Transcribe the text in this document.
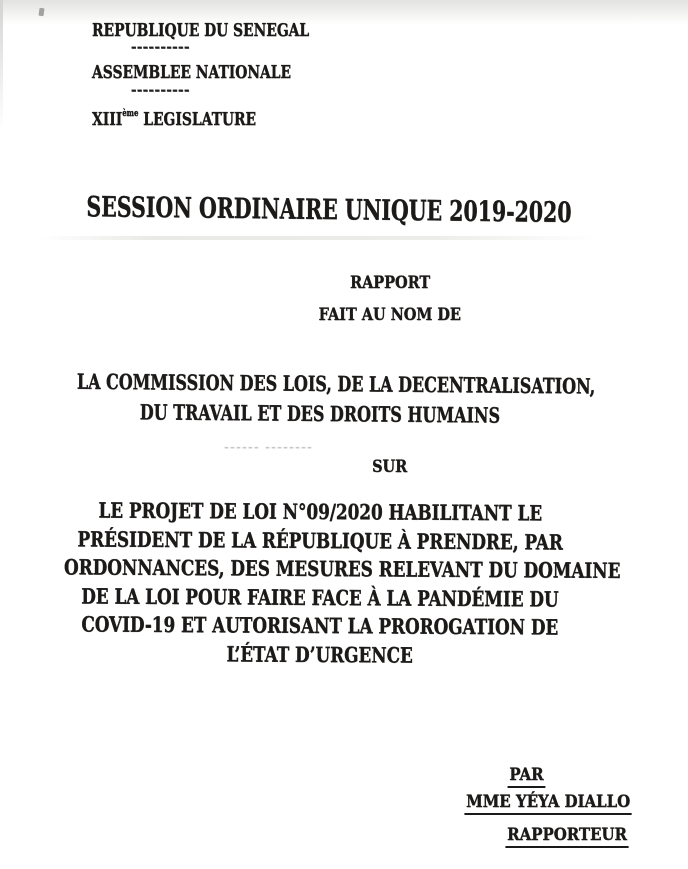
REPUBLIQUE DU SENEGAL
----------
ASSEMBLEE NATIONALE
----------
XIIIème LEGISLATURE
SESSION ORDINAIRE UNIQUE 2019-2020
RAPPORT
FAIT AU NOM DE
LA COMMISSION DES LOIS, DE LA DECENTRALISATION,
DU TRAVAIL ET DES DROITS HUMAINS
------ --------
SUR
LE PROJET DE LOI N°09/2020 HABILITANT LE
PRÉSIDENT DE LA RÉPUBLIQUE À PRENDRE, PAR
ORDONNANCES, DES MESURES RELEVANT DU DOMAINE
DE LA LOI POUR FAIRE FACE À LA PANDÉMIE DU
COVID-19 ET AUTORISANT LA PROROGATION DE
L’ÉTAT D’URGENCE
PAR
MME YÉYA DIALLO
RAPPORTEUR
